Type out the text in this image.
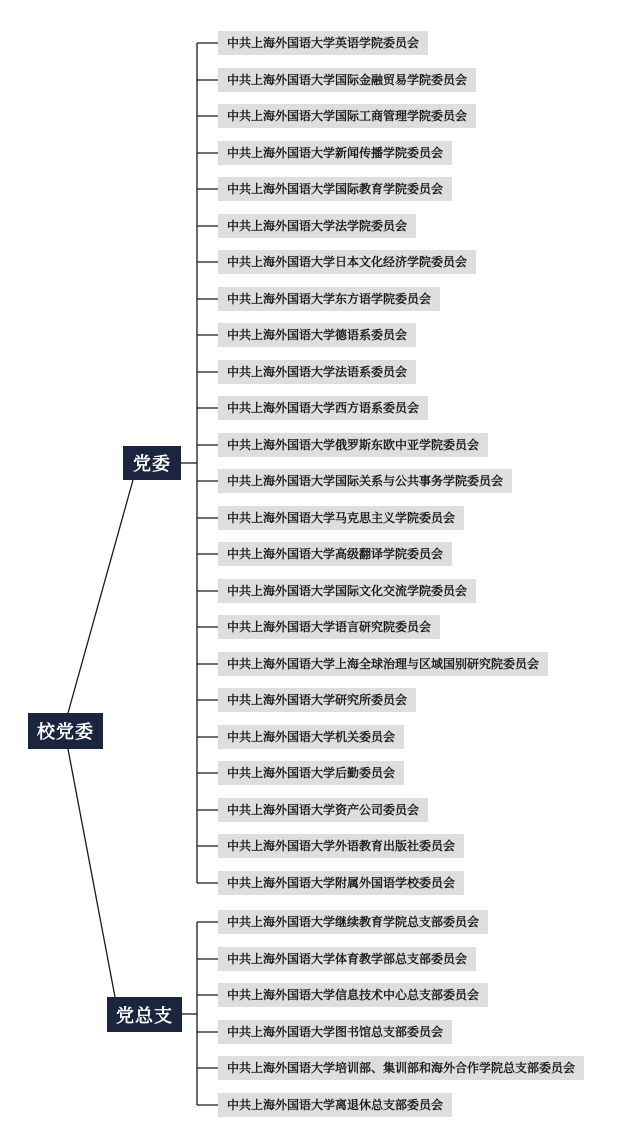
校党委
党委
党总支
中共上海外国语大学英语学院委员会
中共上海外国语大学国际金融贸易学院委员会
中共上海外国语大学国际工商管理学院委员会
中共上海外国语大学新闻传播学院委员会
中共上海外国语大学国际教育学院委员会
中共上海外国语大学法学院委员会
中共上海外国语大学日本文化经济学院委员会
中共上海外国语大学东方语学院委员会
中共上海外国语大学德语系委员会
中共上海外国语大学法语系委员会
中共上海外国语大学西方语系委员会
中共上海外国语大学俄罗斯东欧中亚学院委员会
中共上海外国语大学国际关系与公共事务学院委员会
中共上海外国语大学马克思主义学院委员会
中共上海外国语大学高级翻译学院委员会
中共上海外国语大学国际文化交流学院委员会
中共上海外国语大学语言研究院委员会
中共上海外国语大学上海全球治理与区域国别研究院委员会
中共上海外国语大学研究所委员会
中共上海外国语大学机关委员会
中共上海外国语大学后勤委员会
中共上海外国语大学资产公司委员会
中共上海外国语大学外语教育出版社委员会
中共上海外国语大学附属外国语学校委员会
中共上海外国语大学继续教育学院总支部委员会
中共上海外国语大学体育教学部总支部委员会
中共上海外国语大学信息技术中心总支部委员会
中共上海外国语大学图书馆总支部委员会
中共上海外国语大学培训部、集训部和海外合作学院总支部委员会
中共上海外国语大学离退休总支部委员会
